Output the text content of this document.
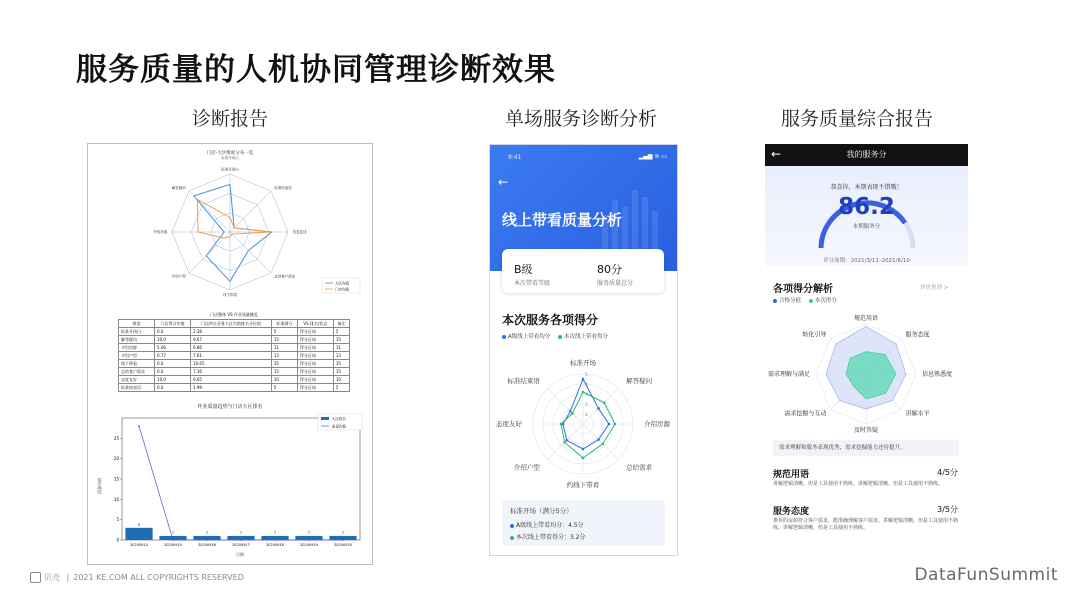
服务质量的人机协同管理诊断效果
诊断报告	单场服务诊断分析	服务质量综合报告
门店-大区维度分布一览
标准开场白
标准开场白
标准结束语
信息复述
总结客户需求
线下带看
介绍户型
介绍房源
解答疑问
大区均值
门店均值
门店整体 VS 作业质量概览
维度	门店得分均值	门店所在业务大区均值排名分位值	标准满分	VS 排名/状态	备注
标准开场白	0.0	2.38	5	得分区间	5
解答疑问	30.0	9.67	15	得分区间	15
介绍房源	5.06	6.86	11	得分区间	11
介绍户型	0.77	7.61	13	得分区间	13
线下带看	0.0	10.65	35	得分区间	35
总结客户需求	0.0	7.36	15	得分区间	15
态度友好	10.0	9.65	10	得分区间	10
标准结束语	0.0	1.99	5	得分区间	5
作业质量趋势与门店大区排名
质量均值
日期
0
5
10
15
20
25
5
20200914
7
20200915
7
20200916
7
20200917
7
20200918
7
20200919
7
20200920
大区排名
质量均值
9:41	▂▄▆ ≋ ▭
←
线上带看质量分析
B级
本次带看等级
80分
服务质量总分
本次服务各项得分
A级线上带看均分	本次线上带看得分
标准开场
解答疑问
介绍房源
总结需求
约线下带看
介绍户型
态度友好
标准结束语
1
2
3
4
5
标准开场（满分5分）
A级线上带看均分：4.5分
本次线上带看得分：3.2分
←	我的服务分
恭喜你，本期表现不错哦！
86.2
本期服务分
评分周期：2021/3/11–2021/6/10
各项得分解析	评价规则 >
合格分值	本次得分
规范用语
服务态度
信息熟悉度
讲解水平
及时答疑
需求挖掘与互动
需求理解与满足
转化引导
需求理解和服务表现优秀，需求挖掘能力还待提升。
规范用语	4/5分
讲解逻辑清晰，但是工具使用不熟练。讲解逻辑清晰，但是工具使用不熟练。
服务态度	3/5分
推荐的房源符合客户需求，能准确理解客户需求。讲解逻辑清晰，但是工具使用不熟练。讲解逻辑清晰，但是工具使用不熟练。
贝壳 | 2021 KE.COM ALL COPYRIGHTS RESERVED	DataFunSummit
